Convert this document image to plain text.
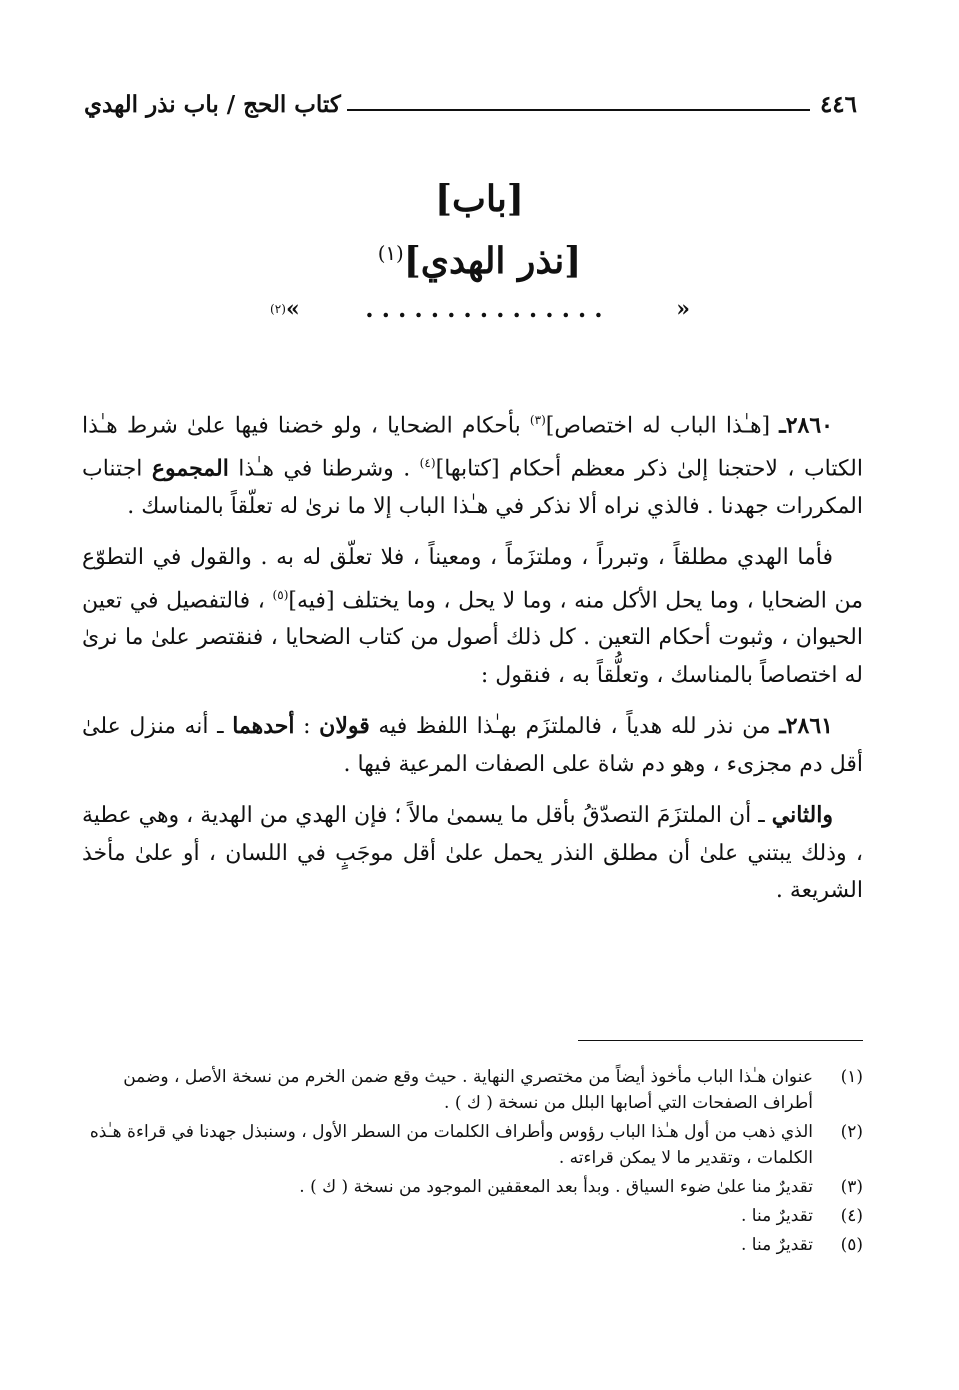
٤٤٦
كتاب الحج / باب نذر الهدي
[باب]
[نذر الهدي]$^{(١)}$
«
...............
»
(٢)

٢٨٦٠ـ [هـٰذا الباب له اختصاص]$^{(٣)}$ بأحكام الضحايا ، ولو خضنا فيها علىٰ شرط هـٰذا الكتاب ، لاحتجنا إلىٰ ذكر معظم أحكام [كتابها]$^{(٤)}$ . وشرطنا في هـٰذا المجموع اجتناب المكررات جهدنا . فالذي نراه ألا نذكر في هـٰذا الباب إلا ما نرىٰ له تعلّقاً بالمناسك .

فأما الهدي مطلقاً ، وتبرراً ، وملتزَماً ، ومعيناً ، فلا تعلّق له به . والقول في التطوّع من الضحايا ، وما يحل الأكل منه ، وما لا يحل ، وما يختلف [فيه]$^{(٥)}$ ، فالتفصيل في تعين الحيوان ، وثبوت أحكام التعين . كل ذلك أصول من كتاب الضحايا ، فنقتصر علىٰ ما نرىٰ له اختصاصاً بالمناسك ، وتعلُّقاً به ، فنقول :

٢٨٦١ـ من نذر لله هدياً ، فالملتزَم بهـٰذا اللفظ فيه قولان : أحدهما ـ أنه منزل علىٰ أقل دم مجزىء ، وهو دم شاة على الصفات المرعية فيها .

والثاني ـ أن الملتزَمَ التصدّقُ بأقل ما يسمىٰ مالاً ؛ فإن الهدي من الهدية ، وهي عطية ، وذلك يبتني علىٰ أن مطلق النذر يحمل علىٰ أقل موجَبٍ في اللسان ، أو علىٰ مأخذ الشريعة .

(١)
عنوان هـٰذا الباب مأخوذ أيضاً من مختصري النهاية . حيث وقع ضمن الخرم من نسخة الأصل ، وضمن أطراف الصفحات التي أصابها البلل من نسخة ( ك ) .
(٢)
الذي ذهب من أول هـٰذا الباب رؤوس وأطراف الكلمات من السطر الأول ، وسنبذل جهدنا في قراءة هـٰذه الكلمات ، وتقدير ما لا يمكن قراءته .
(٣)
تقديرٌ منا علىٰ ضوء السياق . وبدأ بعد المعقفين الموجود من نسخة ( ك ) .
(٤)
تقديرٌ منا .
(٥)
تقديرٌ منا .
